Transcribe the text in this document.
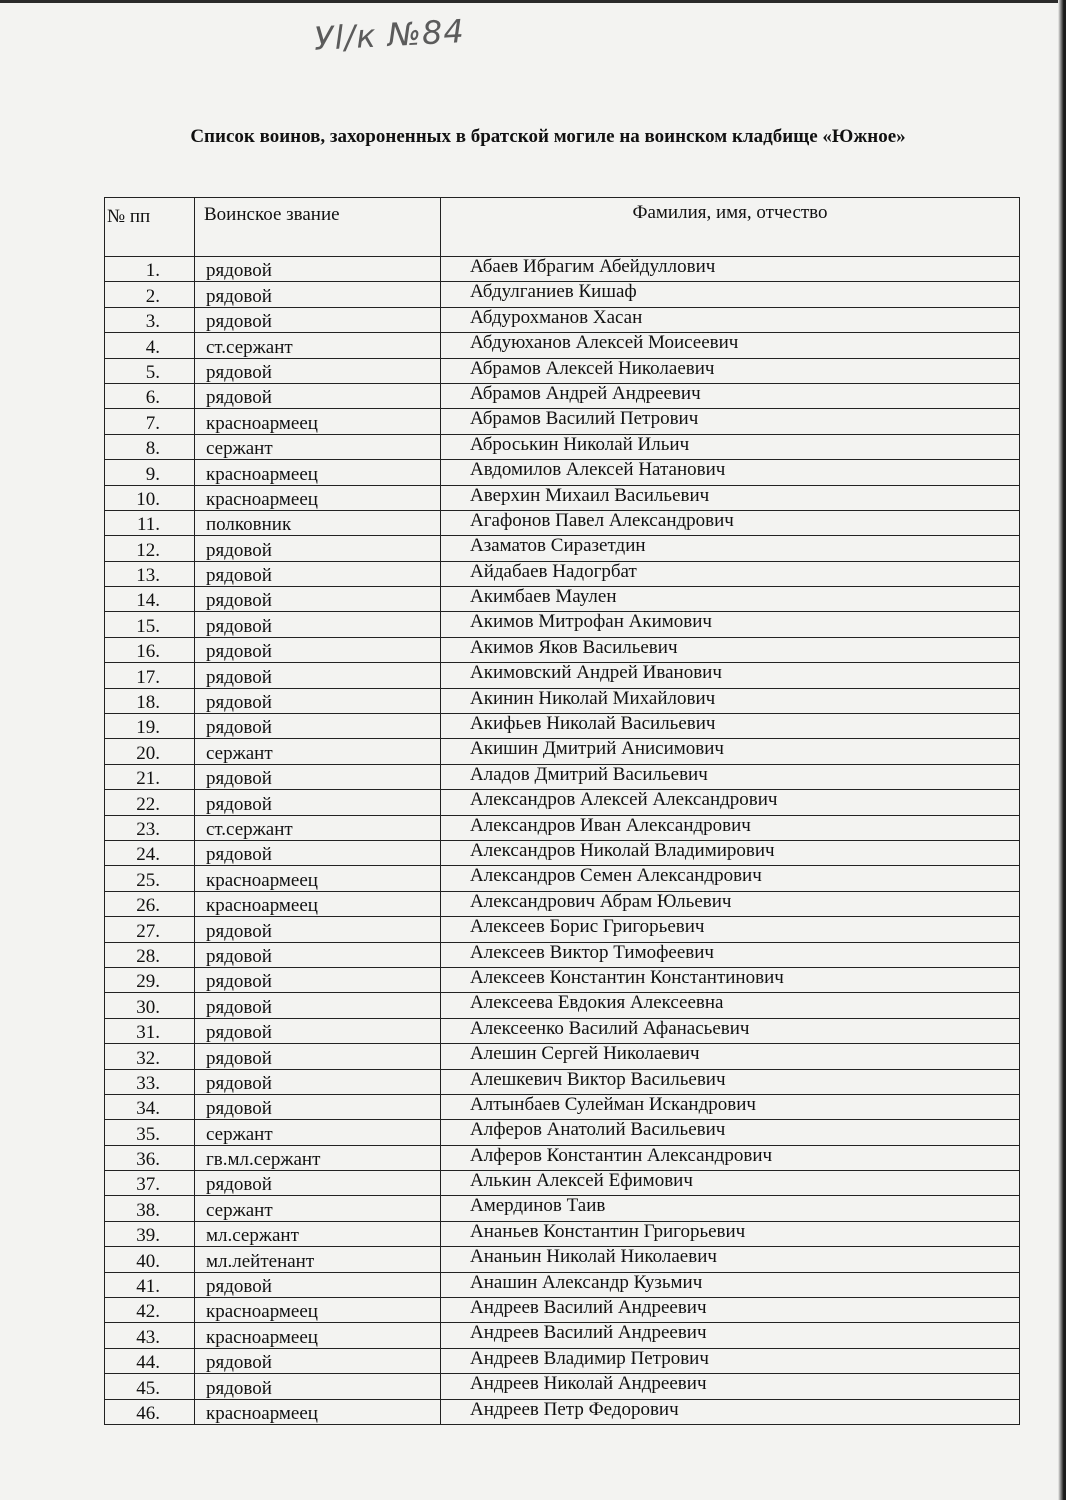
Уl/к №84
Список воинов, захороненных в братской могиле на воинском кладбище «Южное»
№ пп	Воинское звание	Фамилия, имя, отчество
1.	рядовой	Абаев Ибрагим Абейдуллович
2.	рядовой	Абдулганиев Кишаф
3.	рядовой	Абдурохманов Хасан
4.	ст.сержант	Абдуюханов Алексей Моисеевич
5.	рядовой	Абрамов Алексей Николаевич
6.	рядовой	Абрамов Андрей Андреевич
7.	красноармеец	Абрамов Василий Петрович
8.	сержант	Аброськин Николай Ильич
9.	красноармеец	Авдомилов Алексей Натанович
10.	красноармеец	Аверхин Михаил Васильевич
11.	полковник	Агафонов Павел Александрович
12.	рядовой	Азаматов Сиразетдин
13.	рядовой	Айдабаев Надогрбат
14.	рядовой	Акимбаев Маулен
15.	рядовой	Акимов Митрофан Акимович
16.	рядовой	Акимов Яков Васильевич
17.	рядовой	Акимовский Андрей Иванович
18.	рядовой	Акинин Николай Михайлович
19.	рядовой	Акифьев Николай Васильевич
20.	сержант	Акишин Дмитрий Анисимович
21.	рядовой	Аладов Дмитрий Васильевич
22.	рядовой	Александров Алексей Александрович
23.	ст.сержант	Александров Иван Александрович
24.	рядовой	Александров Николай Владимирович
25.	красноармеец	Александров Семен Александрович
26.	красноармеец	Александрович Абрам Юльевич
27.	рядовой	Алексеев Борис Григорьевич
28.	рядовой	Алексеев Виктор Тимофеевич
29.	рядовой	Алексеев Константин Константинович
30.	рядовой	Алексеева Евдокия Алексеевна
31.	рядовой	Алексеенко Василий Афанасьевич
32.	рядовой	Алешин Сергей Николаевич
33.	рядовой	Алешкевич Виктор Васильевич
34.	рядовой	Алтынбаев Сулейман Искандрович
35.	сержант	Алферов Анатолий Васильевич
36.	гв.мл.сержант	Алферов Константин Александрович
37.	рядовой	Алькин Алексей Ефимович
38.	сержант	Амердинов Таив
39.	мл.сержант	Ананьев Константин Григорьевич
40.	мл.лейтенант	Ананьин Николай Николаевич
41.	рядовой	Анашин Александр Кузьмич
42.	красноармеец	Андреев Василий Андреевич
43.	красноармеец	Андреев Василий Андреевич
44.	рядовой	Андреев Владимир Петрович
45.	рядовой	Андреев Николай Андреевич
46.	красноармеец	Андреев Петр Федорович
